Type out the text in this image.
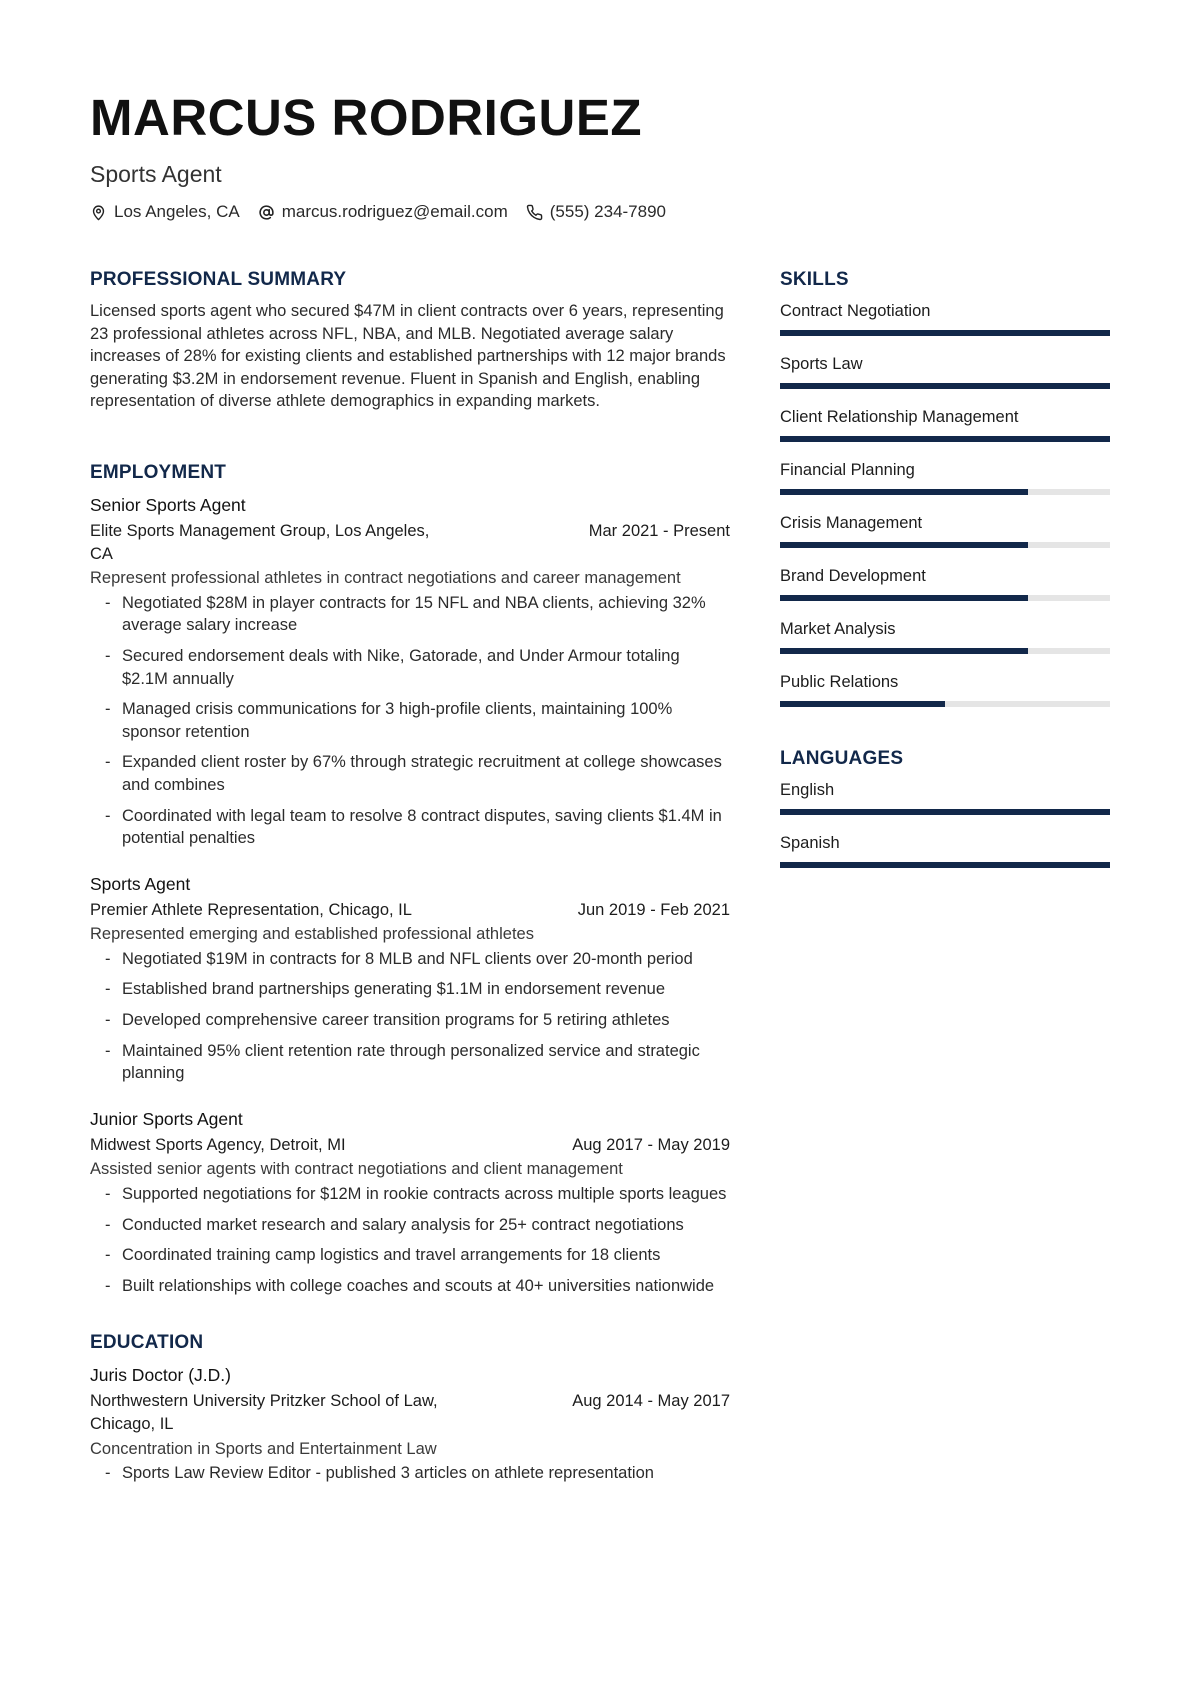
MARCUS RODRIGUEZ
Sports Agent
Los Angeles, CA marcus.rodriguez@email.com (555) 234-7890
PROFESSIONAL SUMMARY

Licensed sports agent who secured $47M in client contracts over 6 years, representing 23 professional athletes across NFL, NBA, and MLB. Negotiated average salary increases of 28% for existing clients and established partnerships with 12 major brands generating $3.2M in endorsement revenue. Fluent in Spanish and English, enabling representation of diverse athlete demographics in expanding markets.

EMPLOYMENT
Senior Sports Agent
Elite Sports Management Group, Los Angeles, CA
Mar 2021 - Present
Represent professional athletes in contract negotiations and career management
- Negotiated $28M in player contracts for 15 NFL and NBA clients, achieving 32% average salary increase
- Secured endorsement deals with Nike, Gatorade, and Under Armour totaling $2.1M annually
- Managed crisis communications for 3 high-profile clients, maintaining 100% sponsor retention
- Expanded client roster by 67% through strategic recruitment at college showcases and combines
- Coordinated with legal team to resolve 8 contract disputes, saving clients $1.4M in potential penalties
Sports Agent
Premier Athlete Representation, Chicago, IL	Jun 2019 - Feb 2021
Represented emerging and established professional athletes
- Negotiated $19M in contracts for 8 MLB and NFL clients over 20-month period
- Established brand partnerships generating $1.1M in endorsement revenue
- Developed comprehensive career transition programs for 5 retiring athletes
- Maintained 95% client retention rate through personalized service and strategic planning
Junior Sports Agent
Midwest Sports Agency, Detroit, MI	Aug 2017 - May 2019
Assisted senior agents with contract negotiations and client management
- Supported negotiations for $12M in rookie contracts across multiple sports leagues
- Conducted market research and salary analysis for 25+ contract negotiations
- Coordinated training camp logistics and travel arrangements for 18 clients
- Built relationships with college coaches and scouts at 40+ universities nationwide
EDUCATION
Juris Doctor (J.D.)
Northwestern University Pritzker School of Law, Chicago, IL
Aug 2014 - May 2017
Concentration in Sports and Entertainment Law
- Sports Law Review Editor - published 3 articles on athlete representation
SKILLS
Contract Negotiation
Sports Law
Client Relationship Management
Financial Planning
Crisis Management
Brand Development
Market Analysis
Public Relations
LANGUAGES
English
Spanish
